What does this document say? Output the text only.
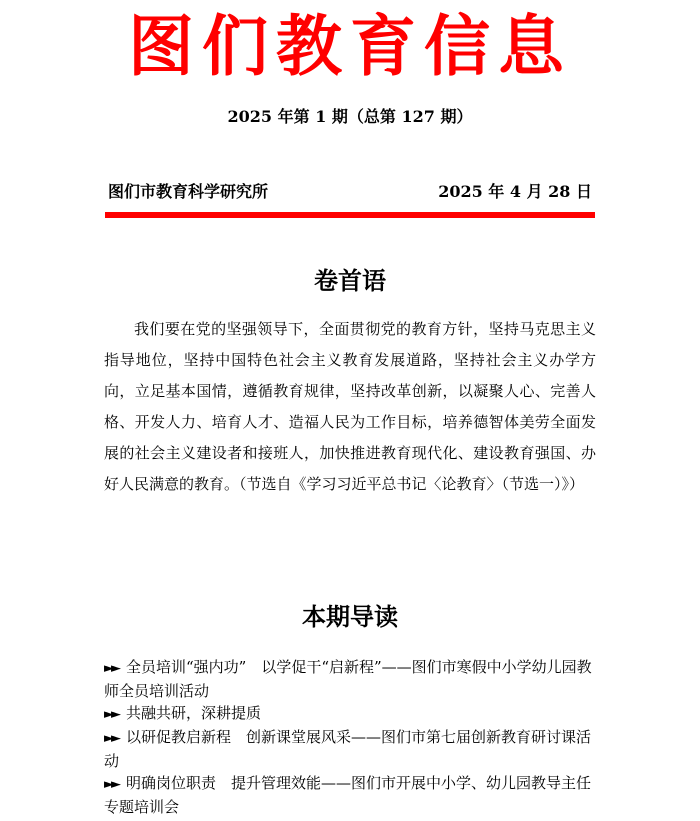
图们教育信息
2025 年第 1 期（总第 127 期）
图们市教育科学研究所	2025 年 4 月 28 日
卷首语

我们要在党的坚强领导下，全面贯彻党的教育方针，坚持马克思主义指导地位，坚持中国特色社会主义教育发展道路，坚持社会主义办学方向，立足基本国情，遵循教育规律，坚持改革创新，以凝聚人心、完善人格、开发人力、培育人才、造福人民为工作目标，培养德智体美劳全面发展的社会主义建设者和接班人，加快推进教育现代化、建设教育强国、办好人民满意的教育。（节选自《学习习近平总书记〈论教育〉（节选一）》）

本期导读
►► 全员培训“强内功”　以学促干“启新程”——图们市寒假中小学幼儿园教师全员培训活动
►► 共融共研，深耕提质
►► 以研促教启新程　创新课堂展风采——图们市第七届创新教育研讨课活动
►► 明确岗位职责　提升管理效能——图们市开展中小学、幼儿园教导主任专题培训会
